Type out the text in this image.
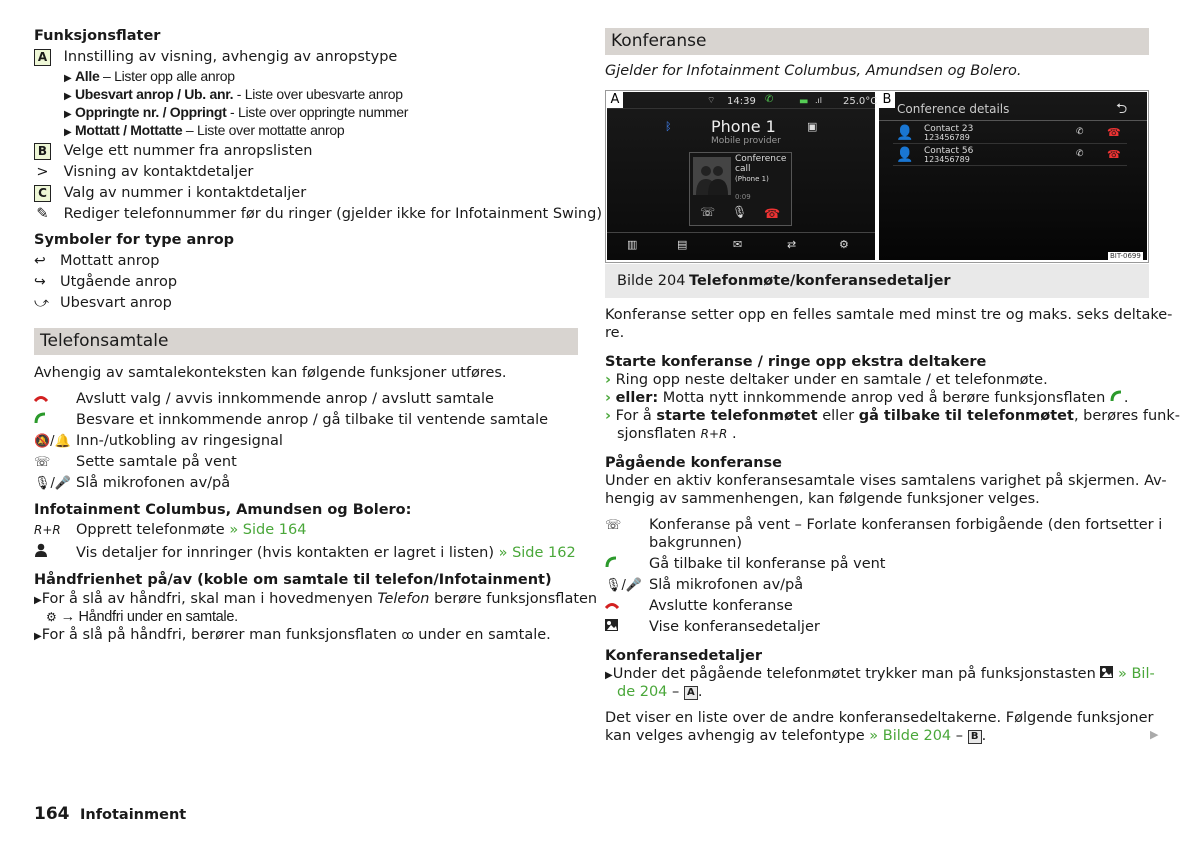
Funksjonsflater
A Innstilling av visning, avhengig av anropstype
▶ Alle – Lister opp alle anrop
▶ Ubesvart anrop / Ub. anr. - Liste over ubesvarte anrop
▶ Oppringte nr. / Oppringt - Liste over oppringte nummer
▶ Mottatt / Mottatte – Liste over mottatte anrop
B Velge ett nummer fra anropslisten
> Visning av kontaktdetaljer
C Valg av nummer i kontaktdetaljer
✎ Rediger telefonnummer før du ringer (gjelder ikke for Infotainment Swing)
Symboler for type anrop
↩ Mottatt anrop
↪ Utgående anrop
⤻ Ubesvart anrop
Telefonsamtale
Avhengig av samtalekonteksten kan følgende funksjoner utføres.
Avslutt valg / avvis innkommende anrop / avslutt samtale
Besvare et innkommende anrop / gå tilbake til ventende samtale
🔕/🔔 Inn-/utkobling av ringesignal
☏ Sette samtale på vent
🎙/🎤 Slå mikrofonen av/på
Infotainment Columbus, Amundsen og Bolero:
R+R Opprett telefonmøte » Side 164
Vis detaljer for innringer (hvis kontakten er lagret i listen) » Side 162
Håndfrienhet på/av (koble om samtale til telefon/Infotainment)
▶For å slå av håndfri, skal man i hovedmenyen Telefon berøre funksjonsflaten
⚙ → Håndfri under en samtale.
▶For å slå på håndfri, berører man funksjonsflaten ꝏ under en samtale.
Konferanse
Gjelder for Infotainment Columbus, Amundsen og Bolero.
A	⌔ 14:39 ✆	▬ .ıl 25.0°C
ᛒ Phone 1
Mobile provider
▣
Conference
call
(Phone 1)
0:09
☏ 🎙 ☎
▥	▤	✉	⇄	⚙
B
Conference details	⮌
👤 Contact 23
123456789
✆ ☎
👤 Contact 56
123456789
✆ ☎
BIT-0699
Bilde 204 Telefonmøte/konferansedetaljer
Konferanse setter opp en felles samtale med minst tre og maks. seks deltake-
re.
Starte konferanse / ringe opp ekstra deltakere
› Ring opp neste deltaker under en samtale / et telefonmøte.
› eller: Motta nytt innkommende anrop ved å berøre funksjonsflaten .
› For å starte telefonmøtet eller gå tilbake til telefonmøtet, berøres funk-
sjonsflaten R+R .
Pågående konferanse
Under en aktiv konferansesamtale vises samtalens varighet på skjermen. Av-
hengig av sammenhengen, kan følgende funksjoner velges.
☏ Konferanse på vent – Forlate konferansen forbigående (den fortsetter i
bakgrunnen)
Gå tilbake til konferanse på vent
🎙/🎤 Slå mikrofonen av/på
Avslutte konferanse
Vise konferansedetaljer
Konferansedetaljer
▶Under det pågående telefonmøtet trykker man på funksjonstasten  » Bil-
de 204 – A .
Det viser en liste over de andre konferansedeltakerne. Følgende funksjoner
kan velges avhengig av telefontype » Bilde 204 – B .	▶
164 Infotainment
